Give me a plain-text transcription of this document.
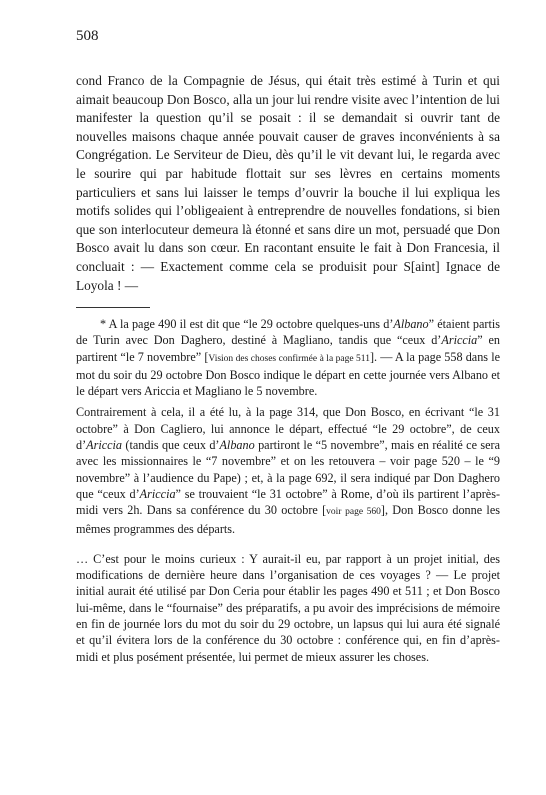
508

cond Franco de la Compagnie de Jésus, qui était très estimé à Turin et qui aimait beaucoup Don Bosco, alla un jour lui rendre visite avec l’intention de lui manifester la question qu’il se posait : il se demandait si ouvrir tant de nouvelles maisons chaque année pouvait causer de graves inconvénients à sa Congrégation. Le Serviteur de Dieu, dès qu’il le vit devant lui, le regarda avec le sourire qui par habitude flottait sur ses lèvres en certains moments particuliers et sans lui laisser le temps d’ouvrir la bouche il lui expliqua les motifs solides qui l’obligeaient à entreprendre de nouvelles fondations, si bien que son interlocuteur demeura là étonné et sans dire un mot, persuadé que Don Bosco avait lu dans son cœur. En racontant ensuite le fait à Don Francesia, il concluait : — Exactement comme cela se produisit pour S[aint] Ignace de Loyola ! —

* A la page 490 il est dit que “le 29 octobre quelques-uns d’Albano” étaient partis de Turin avec Don Daghero, destiné à Magliano, tandis que “ceux d’Ariccia” en partirent “le 7 novembre” [Vision des choses confirmée à la page 511]. — A la page 558 dans le mot du soir du 29 octobre Don Bosco indique le départ en cette journée vers Albano et le départ vers Ariccia et Magliano le 5 novembre.

Contrairement à cela, il a été lu, à la page 314, que Don Bosco, en écrivant “le 31 octobre” à Don Cagliero, lui annonce le départ, effectué “le 29 octobre”, de ceux d’Ariccia (tandis que ceux d’Albano partiront le “5 novembre”, mais en réalité ce sera avec les missionnaires le “7 novembre” et on les retouvera – voir page 520 – le “9 novembre” à l’audience du Pape) ; et, à la page 692, il sera indiqué par Don Daghero que “ceux d’Ariccia” se trouvaient “le 31 octobre” à Rome, d’où ils partirent l’après-midi vers 2h. Dans sa conférence du 30 octobre [voir page 560], Don Bosco donne les mêmes programmes des départs.

… C’est pour le moins curieux : Y aurait-il eu, par rapport à un projet initial, des modifications de dernière heure dans l’organisation de ces voyages ? — Le projet initial aurait été utilisé par Don Ceria pour établir les pages 490 et 511 ; et Don Bosco lui-même, dans le “fournaise” des préparatifs, a pu avoir des imprécisions de mémoire en fin de journée lors du mot du soir du 29 octobre, un lapsus qui lui aura été signalé et qu’il évitera lors de la conférence du 30 octobre : conférence qui, en fin d’après-midi et plus posément présentée, lui permet de mieux assurer les choses.
